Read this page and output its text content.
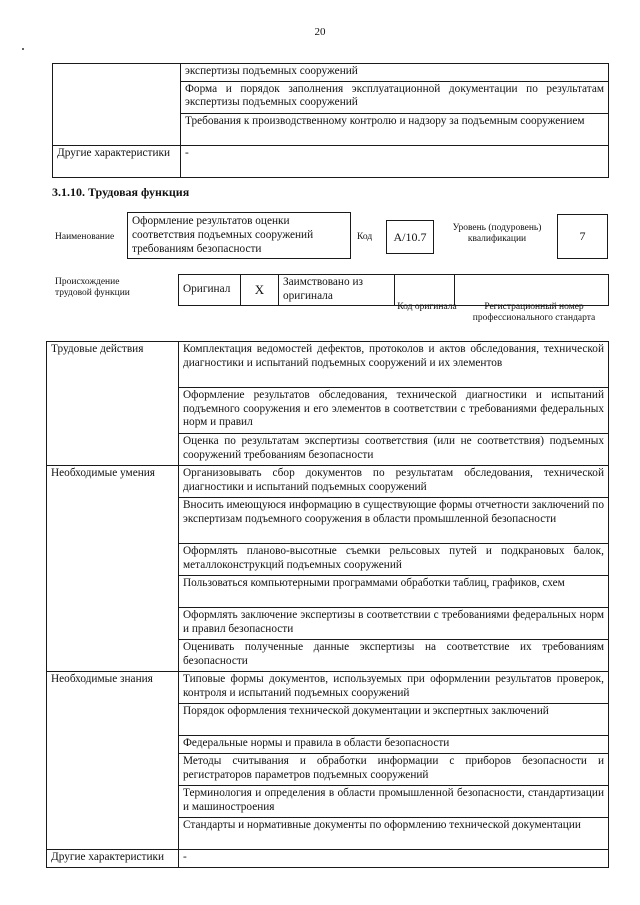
20
	экспертизы подъемных сооружений
	Форма и порядок заполнения эксплуатационной документации по результатам экспертизы подъемных сооружений
	Требования к производственному контролю и надзору за подъемным сооружением
Другие характеристики	-
3.1.10. Трудовая функция
Наименование
Оформление результатов оценки соответствия подъемных сооружений требованиям безопасности
Код	А/10.7
Уровень (подуровень) квалификации	7
Происхождение трудовой функции	Оригинал	X	Заимствовано из оригинала		
Код оригинала	Регистрационный номер профессионального стандарта
Трудовые действия	Комплектация ведомостей дефектов, протоколов и актов обследования, технической диагностики и испытаний подъемных сооружений и их элементов
	Оформление результатов обследования, технической диагностики и испытаний подъемного сооружения и его элементов в соответствии с требованиями федеральных норм и правил
	Оценка по результатам экспертизы соответствия (или не соответствия) подъемных сооружений требованиям безопасности
Необходимые умения	Организовывать сбор документов по результатам обследования, технической диагностики и испытаний подъемных сооружений
	Вносить имеющуюся информацию в существующие формы отчетности заключений по экспертизам подъемного сооружения в области промышленной безопасности
	Оформлять планово-высотные съемки рельсовых путей и подкрановых балок, металлоконструкций подъемных сооружений
	Пользоваться компьютерными программами обработки таблиц, графиков, схем
	Оформлять заключение экспертизы в соответствии с требованиями федеральных норм и правил безопасности
	Оценивать полученные данные экспертизы на соответствие их требованиям безопасности
Необходимые знания	Типовые формы документов, используемых при оформлении результатов проверок, контроля и испытаний подъемных сооружений
	Порядок оформления технической документации и экспертных заключений
	Федеральные нормы и правила в области безопасности
	Методы считывания и обработки информации с приборов безопасности и регистраторов параметров подъемных сооружений
	Терминология и определения в области промышленной безопасности, стандартизации и машиностроения
	Стандарты и нормативные документы по оформлению технической документации
Другие характеристики	-
